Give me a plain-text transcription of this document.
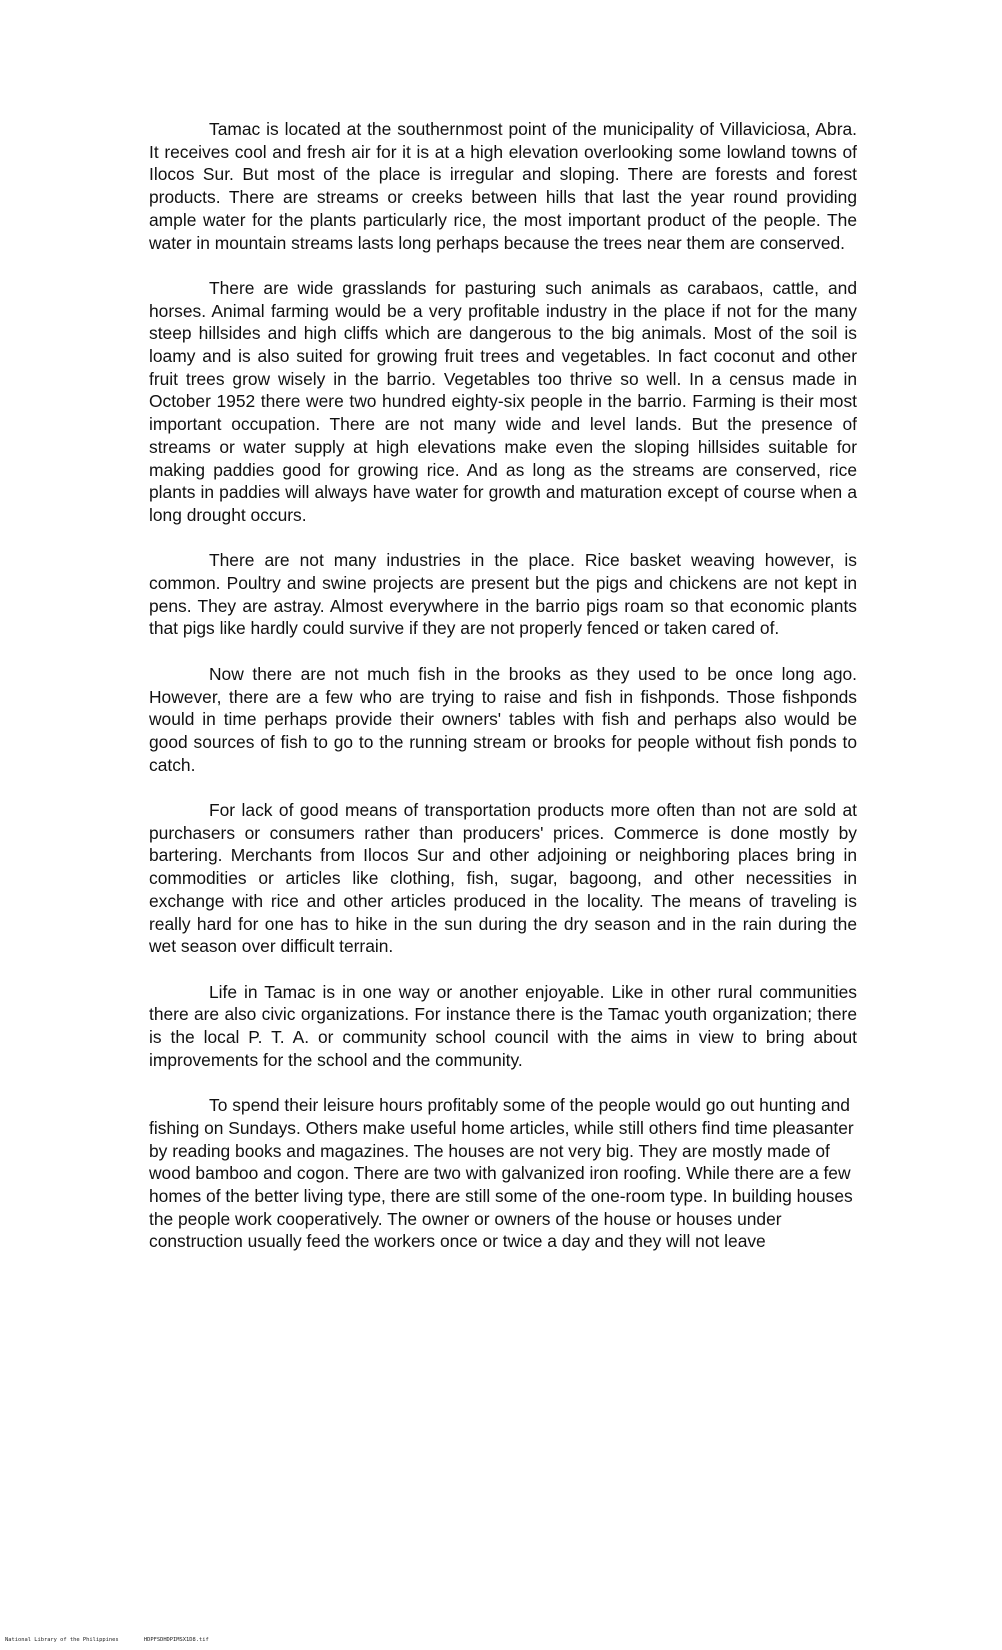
Tamac is located at the southernmost point of the municipality of Villaviciosa, Abra. It receives cool and fresh air for it is at a high elevation overlooking some lowland towns of Ilocos Sur. But most of the place is irregular and sloping. There are forests and forest products. There are streams or creeks between hills that last the year round providing ample water for the plants particularly rice, the most important product of the people. The water in mountain streams lasts long perhaps because the trees near them are conserved.

There are wide grasslands for pasturing such animals as carabaos, cattle, and horses. Animal farming would be a very profitable industry in the place if not for the many steep hillsides and high cliffs which are dangerous to the big animals. Most of the soil is loamy and is also suited for growing fruit trees and vegetables. In fact coconut and other fruit trees grow wisely in the barrio. Vegetables too thrive so well. In a census made in October 1952 there were two hundred eighty-six people in the barrio. Farming is their most important occupation. There are not many wide and level lands. But the presence of streams or water supply at high elevations make even the sloping hillsides suitable for making paddies good for growing rice. And as long as the streams are conserved, rice plants in paddies will always have water for growth and maturation except of course when a long drought occurs.

There are not many industries in the place. Rice basket weaving however, is common. Poultry and swine projects are present but the pigs and chickens are not kept in pens. They are astray. Almost everywhere in the barrio pigs roam so that economic plants that pigs like hardly could survive if they are not properly fenced or taken cared of.

Now there are not much fish in the brooks as they used to be once long ago. However, there are a few who are trying to raise and fish in fishponds. Those fishponds would in time perhaps provide their owners' tables with fish and perhaps also would be good sources of fish to go to the running stream or brooks for people without fish ponds to catch.

For lack of good means of transportation products more often than not are sold at purchasers or consumers rather than producers' prices. Commerce is done mostly by bartering. Merchants from Ilocos Sur and other adjoining or neighboring places bring in commodities or articles like clothing, fish, sugar, bagoong, and other necessities in exchange with rice and other articles produced in the locality. The means of traveling is really hard for one has to hike in the sun during the dry season and in the rain during the wet season over difficult terrain.

Life in Tamac is in one way or another enjoyable. Like in other rural communities there are also civic organizations. For instance there is the Tamac youth organization; there is the local P. T. A. or community school council with the aims in view to bring about improvements for the school and the community.

To spend their leisure hours profitably some of the people would go out hunting and fishing on Sundays. Others make useful home articles, while still others find time pleasanter by reading books and magazines. The houses are not very big. They are mostly made of wood bamboo and cogon. There are two with galvanized iron roofing. While there are a few homes of the better living type, there are still some of the one-room type. In building houses the people work cooperatively. The owner or owners of the house or houses under construction usually feed the workers once or twice a day and they will not leave

National Library of the Philippines	HDPFSDHDPIMSX1D8.tif
